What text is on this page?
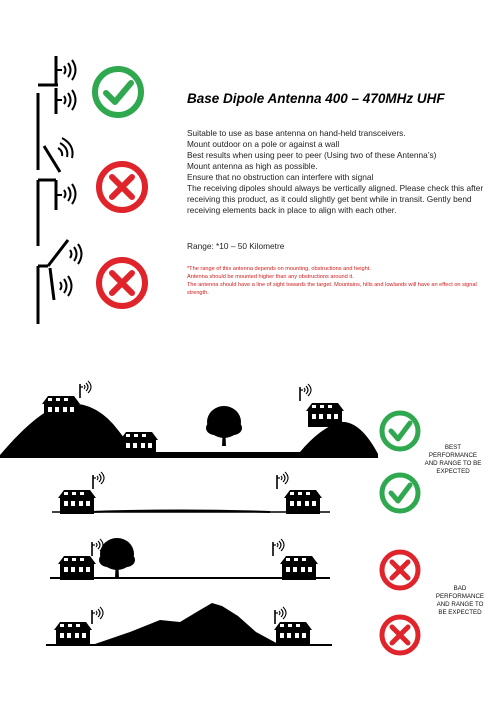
Base Dipole Antenna 400 – 470MHz UHF
Suitable to use as base antenna on hand-held transceivers.
Mount outdoor on a pole or against a wall
Best results when using peer to peer (Using two of these Antenna’s)
Mount antenna as high as possible.
Ensure that no obstruction can interfere with signal
The receiving dipoles should always be vertically aligned. Please check this after receiving this product, as it could slightly get bent while in transit. Gently bend receiving elements back in place to align with each other.
Range: *10 – 50 Kilometre
*The range of this antenna depends on mounting, obstructions and height.
Antenna should be mounted higher than any obstructions around it.
The antenna should have a line of sight towards the target. Mountains, hills and lowlands will have an effect on signal strength.
BEST
PERFORMANCE
AND RANGE TO BE
EXPECTED
BAD
PERFORMANCE
AND RANGE TO
BE EXPECTED
